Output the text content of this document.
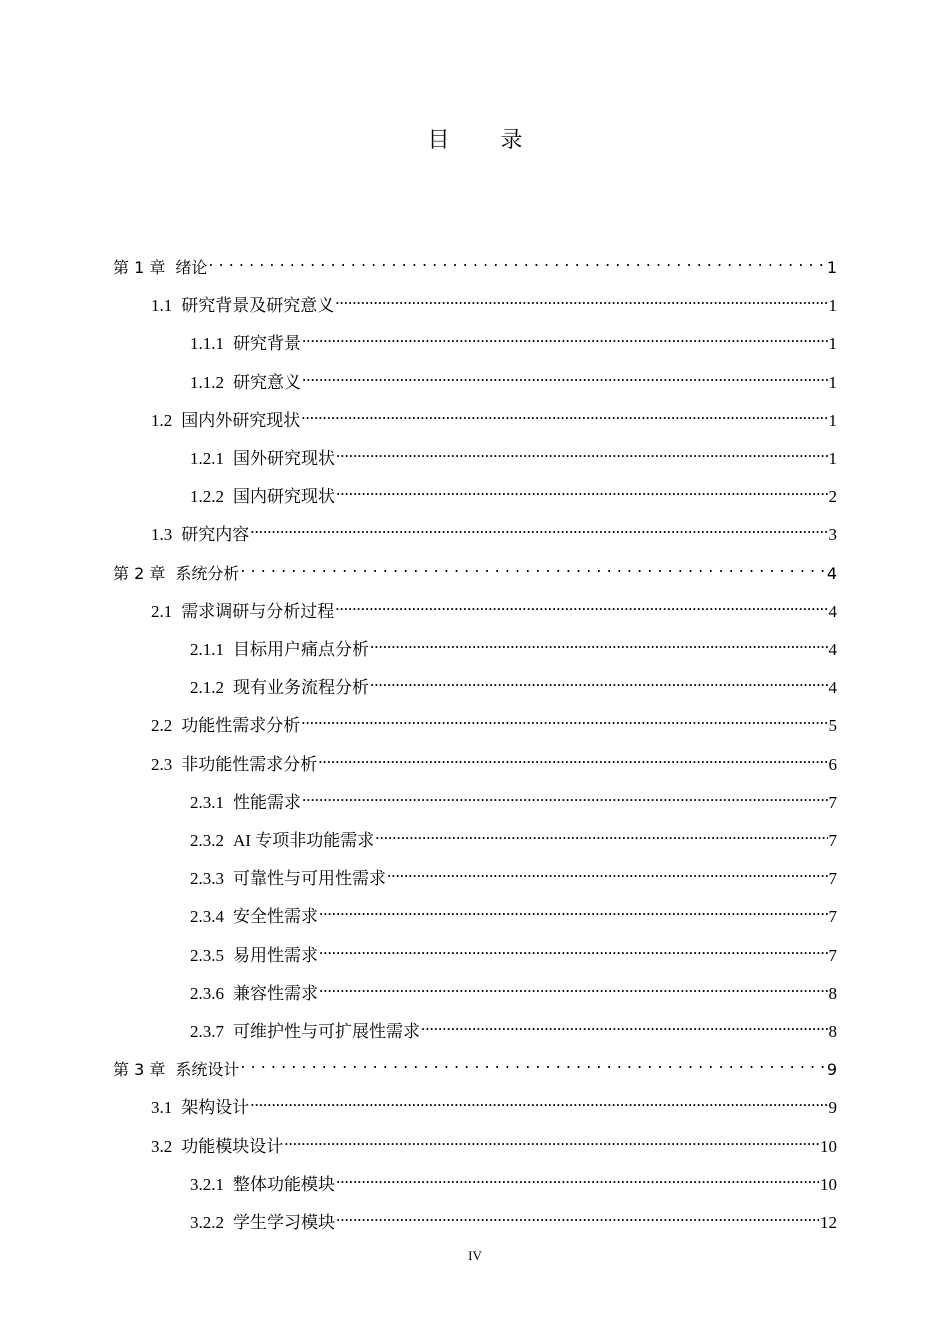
目 录
第 1 章 绪论 . . .	1
1.1 研究背景及研究意义 .....	1
1.1.1 研究背景 .....	1
1.1.2 研究意义 .....	1
1.2 国内外研究现状 .....	1
1.2.1 国外研究现状 .....	1
1.2.2 国内研究现状 .....	2
1.3 研究内容 .....	3
第 2 章 系统分析 . . .	4
2.1 需求调研与分析过程 .....	4
2.1.1 目标用户痛点分析 .....	4
2.1.2 现有业务流程分析 .....	4
2.2 功能性需求分析 .....	5
2.3 非功能性需求分析 .....	6
2.3.1 性能需求 .....	7
2.3.2 AI 专项非功能需求 .....	7
2.3.3 可靠性与可用性需求 .....	7
2.3.4 安全性需求 .....	7
2.3.5 易用性需求 .....	7
2.3.6 兼容性需求 .....	8
2.3.7 可维护性与可扩展性需求 .....	8
第 3 章 系统设计 . . .	9
3.1 架构设计 .....	9
3.2 功能模块设计 .....	10
3.2.1 整体功能模块 .....	10
3.2.2 学生学习模块 .....	12
IV
